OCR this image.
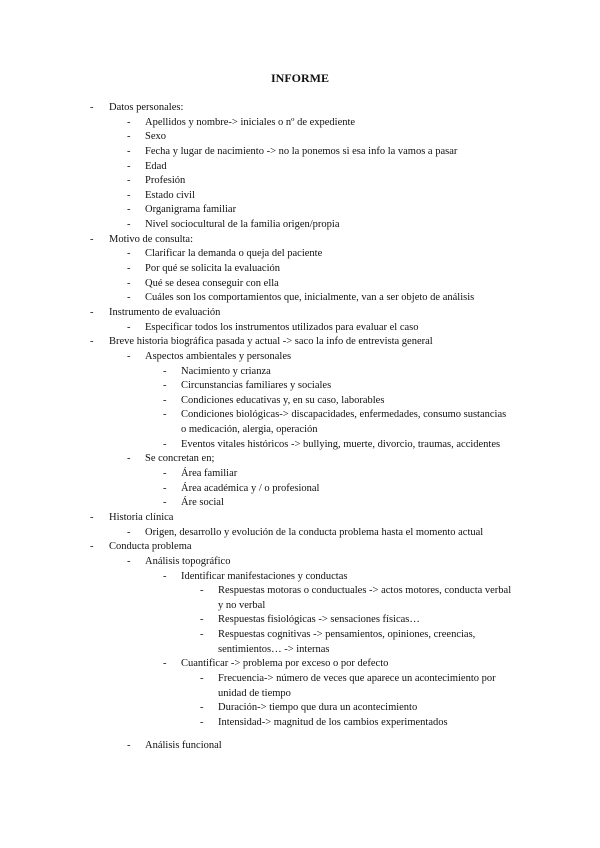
INFORME
- Datos personales:
- Apellidos y nombre-> iniciales o nº de expediente
- Sexo
- Fecha y lugar de nacimiento -> no la ponemos si esa info la vamos a pasar
- Edad
- Profesión
- Estado civil
- Organigrama familiar
- Nivel sociocultural de la familia origen/propia
- Motivo de consulta:
- Clarificar la demanda o queja del paciente
- Por qué se solicita la evaluación
- Qué se desea conseguir con ella
- Cuáles son los comportamientos que, inicialmente, van a ser objeto de análisis
- Instrumento de evaluación
- Especificar todos los instrumentos utilizados para evaluar el caso
- Breve historia biográfica pasada y actual -> saco la info de entrevista general
- Aspectos ambientales y personales
- Nacimiento y crianza
- Circunstancias familiares y sociales
- Condiciones educativas y, en su caso, laborables
- Condiciones biológicas-> discapacidades, enfermedades, consumo sustancias
o medicación, alergia, operación
- Eventos vitales históricos -> bullying, muerte, divorcio, traumas, accidentes
- Se concretan en;
- Área familiar
- Área académica y / o profesional
- Áre social
- Historia clínica
- Origen, desarrollo y evolución de la conducta problema hasta el momento actual
- Conducta problema
- Análisis topográfico
- Identificar manifestaciones y conductas
- Respuestas motoras o conductuales -> actos motores, conducta verbal
y no verbal
- Respuestas fisiológicas -> sensaciones físicas…
- Respuestas cognitivas -> pensamientos, opiniones, creencias,
sentimientos… -> internas
- Cuantificar -> problema por exceso o por defecto
- Frecuencia-> número de veces que aparece un acontecimiento por
unidad de tiempo
- Duración-> tiempo que dura un acontecimiento
- Intensidad-> magnitud de los cambios experimentados
- Análisis funcional
